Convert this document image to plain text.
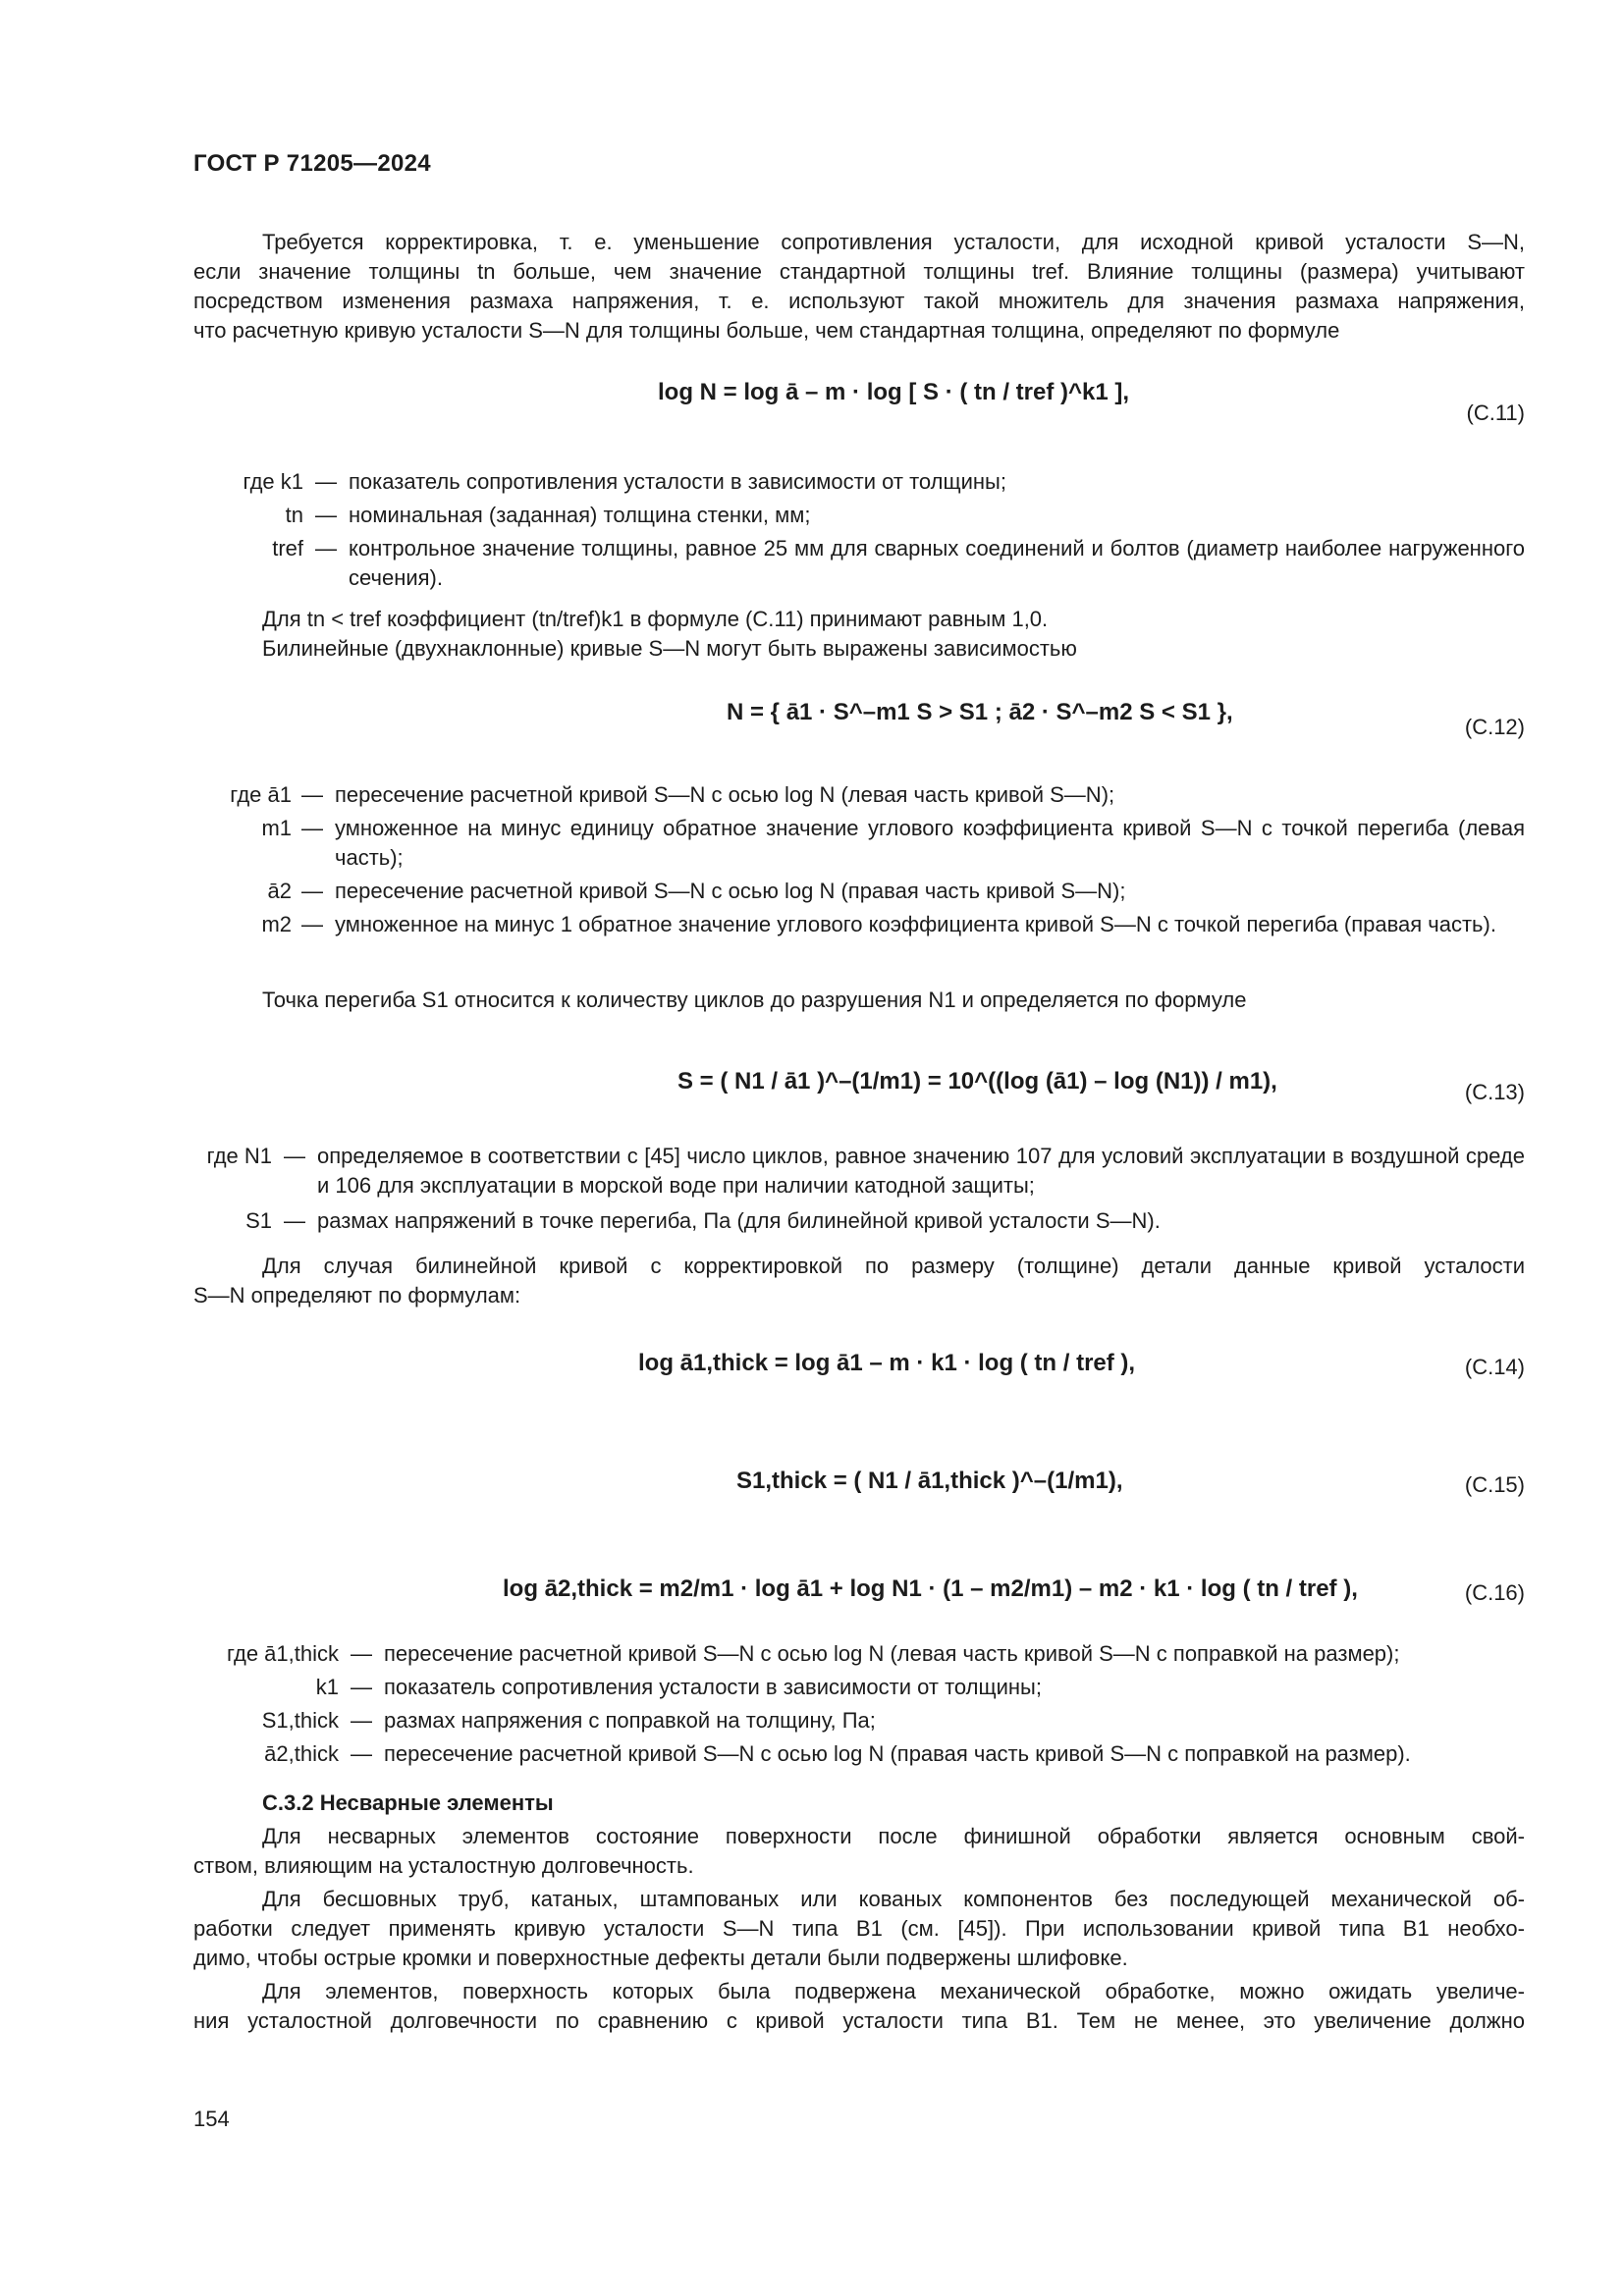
ГОСТ Р 71205—2024
Требуется корректировка, т. е. уменьшение сопротивления усталости, для исходной кривой усталости S—N,
если значение толщины tn больше, чем значение стандартной толщины tref. Влияние толщины (размера) учитывают
посредством изменения размаха напряжения, т. е. используют такой множитель для значения размаха напряжения,
что расчетную кривую усталости S—N для толщины больше, чем стандартная толщина, определяют по формуле
log N = log ā – m · log [ S · ( tn / tref )^k1 ],
(С.11)
где k1 — показатель сопротивления усталости в зависимости от толщины;
tn — номинальная (заданная) толщина стенки, мм;
tref — контрольное значение толщины, равное 25 мм для сварных соединений и болтов (диаметр наиболее нагруженного сечения).
Для tn < tref коэффициент (tn/tref)k1 в формуле (С.11) принимают равным 1,0.
Билинейные (двухнаклонные) кривые S—N могут быть выражены зависимостью
N = { ā1 · S^–m1 S > S1 ; ā2 · S^–m2 S < S1 },
(С.12)
где ā1 — пересечение расчетной кривой S—N с осью log N (левая часть кривой S—N);
m1 — умноженное на минус единицу обратное значение углового коэффициента кривой S—N с точкой перегиба (левая часть);
ā2 — пересечение расчетной кривой S—N с осью log N (правая часть кривой S—N);
m2 — умноженное на минус 1 обратное значение углового коэффициента кривой S—N с точкой перегиба (правая часть).
Точка перегиба S1 относится к количеству циклов до разрушения N1 и определяется по формуле
S = ( N1 / ā1 )^–(1/m1) = 10^((log (ā1) – log (N1)) / m1),	(С.13)
где N1 — определяемое в соответствии с [45] число циклов, равное значению 107 для условий эксплуатации в воздушной среде и 106 для эксплуатации в морской воде при наличии катодной защиты;
S1 — размах напряжений в точке перегиба, Па (для билинейной кривой усталости S—N).
Для случая билинейной кривой с корректировкой по размеру (толщине) детали данные кривой усталости
S—N определяют по формулам:
log ā1,thick = log ā1 – m · k1 · log ( tn / tref ),	(С.14)
S1,thick = ( N1 / ā1,thick )^–(1/m1),	(С.15)
log ā2,thick = m2/m1 · log ā1 + log N1 · (1 – m2/m1) – m2 · k1 · log ( tn / tref ),	(С.16)
где ā1,thick — пересечение расчетной кривой S—N с осью log N (левая часть кривой S—N с поправкой на размер);
k1 — показатель сопротивления усталости в зависимости от толщины;
S1,thick — размах напряжения с поправкой на толщину, Па;
ā2,thick — пересечение расчетной кривой S—N с осью log N (правая часть кривой S—N с поправкой на размер).
С.3.2 Несварные элементы
Для несварных элементов состояние поверхности после финишной обработки является основным свой-
ством, влияющим на усталостную долговечность.
Для бесшовных труб, катаных, штампованых или кованых компонентов без последующей механической об-
работки следует применять кривую усталости S—N типа В1 (см. [45]). При использовании кривой типа В1 необхо-
димо, чтобы острые кромки и поверхностные дефекты детали были подвержены шлифовке.
Для элементов, поверхность которых была подвержена механической обработке, можно ожидать увеличе-
ния усталостной долговечности по сравнению с кривой усталости типа В1. Тем не менее, это увеличение должно
154
